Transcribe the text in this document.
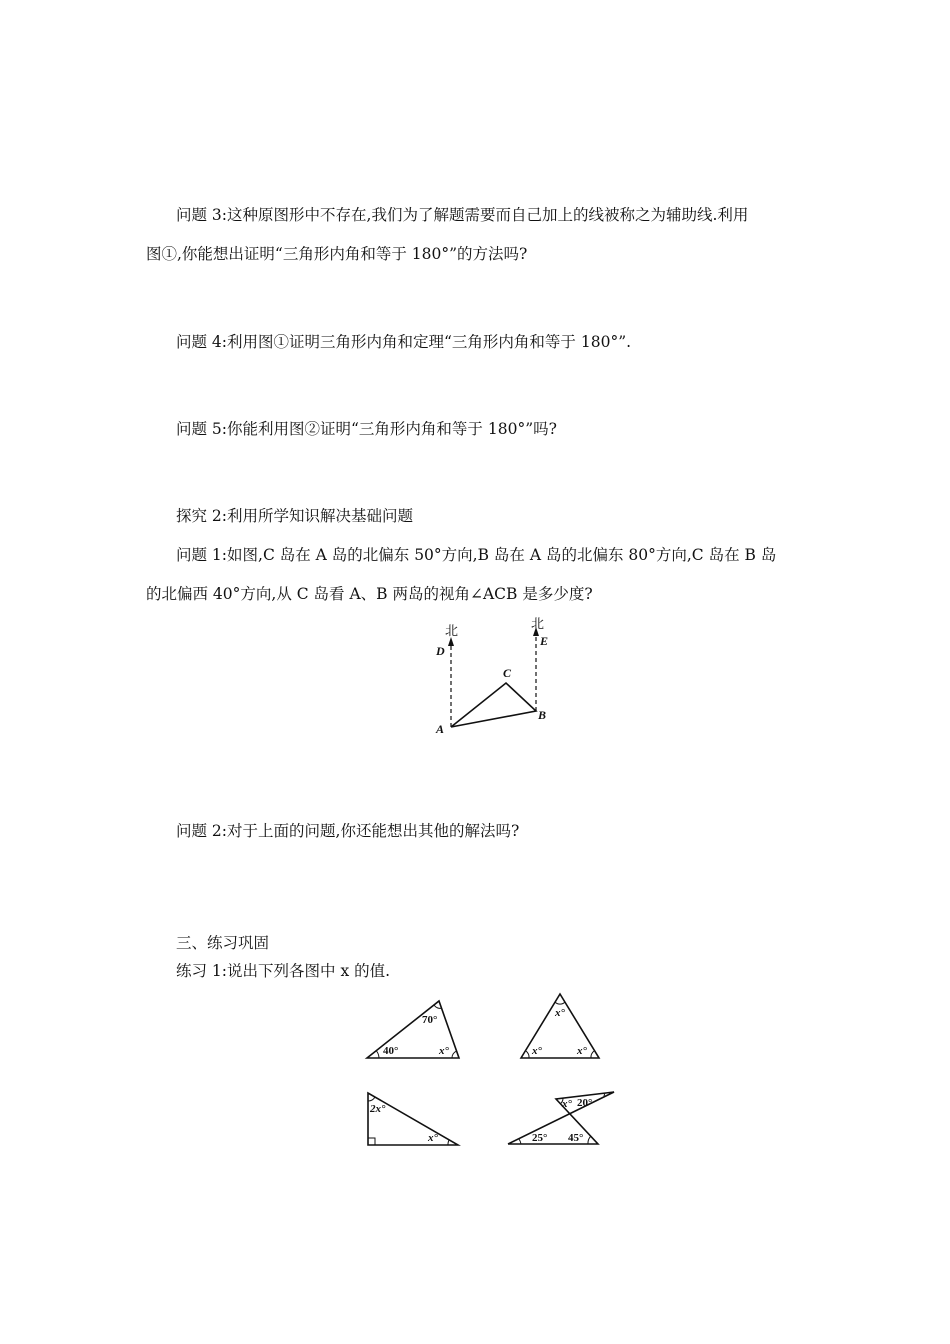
问题 3:这种原图形中不存在,我们为了解题需要而自己加上的线被称之为辅助线.利用
图①,你能想出证明“三角形内角和等于 180°”的方法吗?
问题 4:利用图①证明三角形内角和定理“三角形内角和等于 180°”.
问题 5:你能利用图②证明“三角形内角和等于 180°”吗?
探究 2:利用所学知识解决基础问题
问题 1:如图,C 岛在 A 岛的北偏东 50°方向,B 岛在 A 岛的北偏东 80°方向,C 岛在 B 岛
的北偏西 40°方向,从 C 岛看 A、B 两岛的视角∠ACB 是多少度?
北	北
D
E
C
B
A
问题 2:对于上面的问题,你还能想出其他的解法吗?
三、练习巩固
练习 1:说出下列各图中 x 的值.
70°
40°	x°
x°
x°	x°
2x°
x°
x° 20°
25° 45°
